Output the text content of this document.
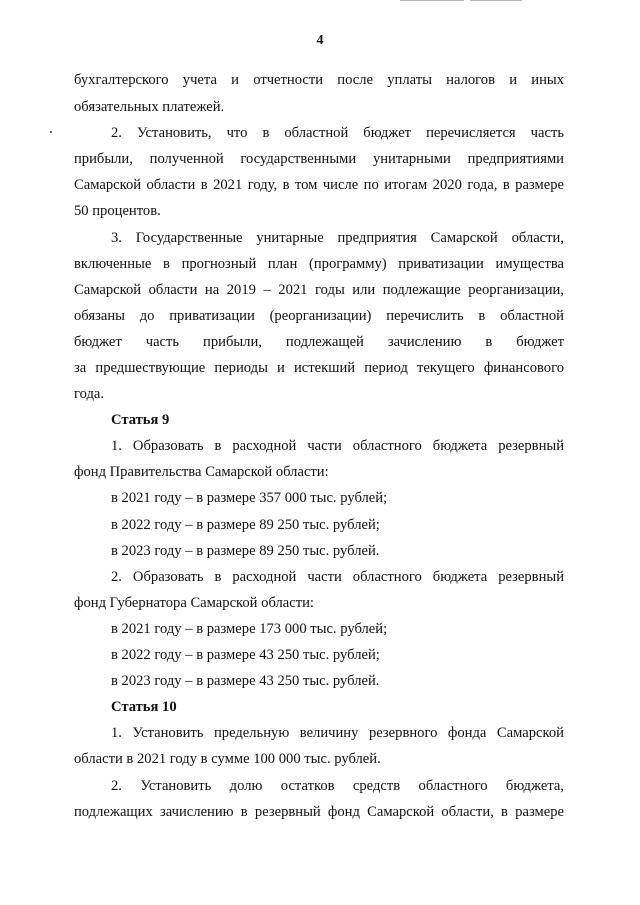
4
бухгалтерского учета и отчетности после уплаты налогов и иных
обязательных платежей.
2. Установить, что в областной бюджет перечисляется часть
прибыли, полученной государственными унитарными предприятиями
Самарской области в 2021 году, в том числе по итогам 2020 года, в размере
50 процентов.
3. Государственные унитарные предприятия Самарской области,
включенные в прогнозный план (программу) приватизации имущества
Самарской области на 2019 – 2021 годы или подлежащие реорганизации,
обязаны до приватизации (реорганизации) перечислить в областной
бюджет часть прибыли, подлежащей зачислению в бюджет
за предшествующие периоды и истекший период текущего финансового
года.
Статья 9
1. Образовать в расходной части областного бюджета резервный
фонд Правительства Самарской области:
в 2021 году – в размере 357 000 тыс. рублей;
в 2022 году – в размере 89 250 тыс. рублей;
в 2023 году – в размере 89 250 тыс. рублей.
2. Образовать в расходной части областного бюджета резервный
фонд Губернатора Самарской области:
в 2021 году – в размере 173 000 тыс. рублей;
в 2022 году – в размере 43 250 тыс. рублей;
в 2023 году – в размере 43 250 тыс. рублей.
Статья 10
1. Установить предельную величину резервного фонда Самарской
области в 2021 году в сумме 100 000 тыс. рублей.
2. Установить долю остатков средств областного бюджета,
подлежащих зачислению в резервный фонд Самарской области, в размере
